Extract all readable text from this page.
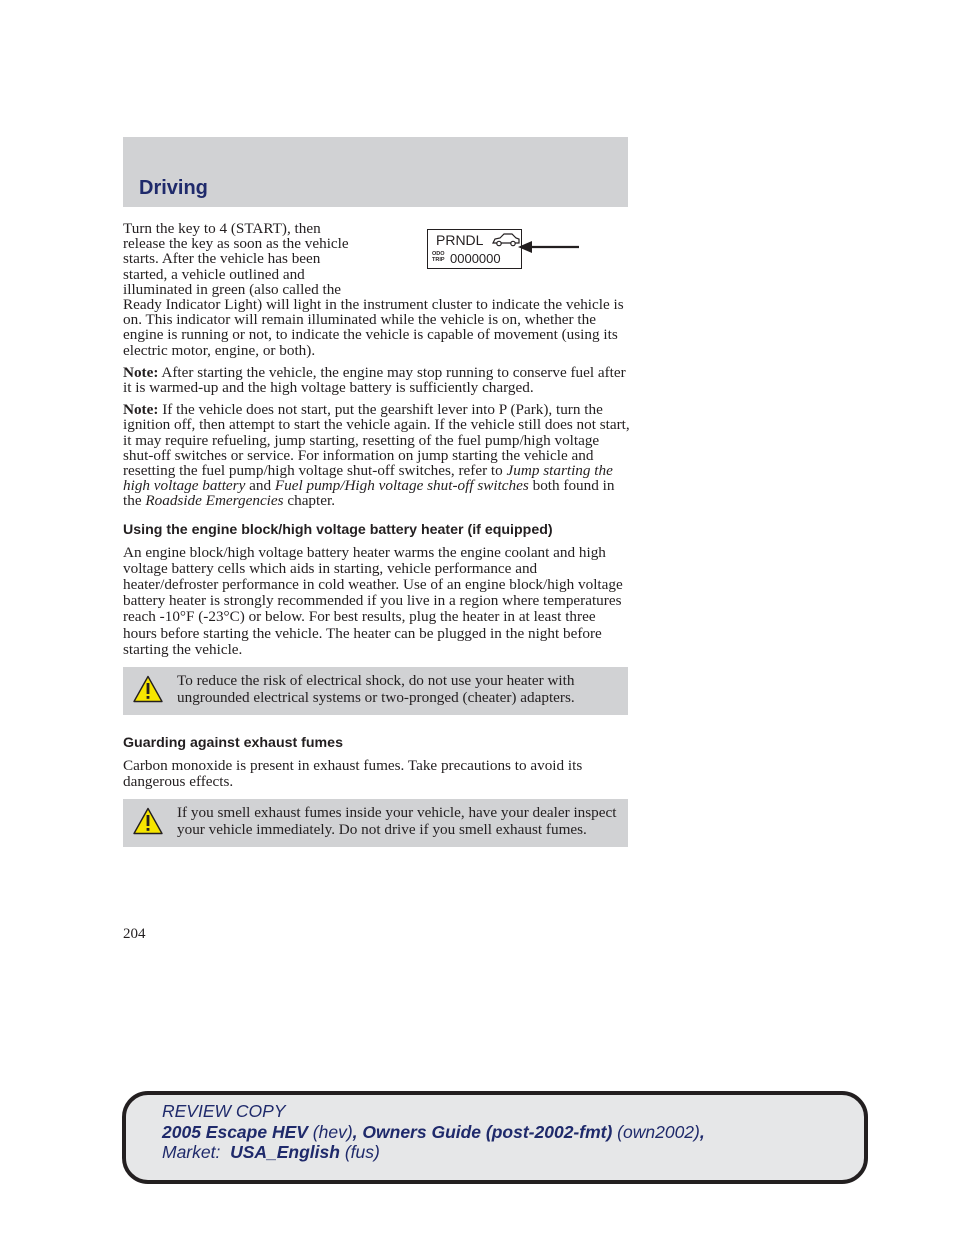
Driving
PRNDL
ODO
TRIP 0000000

Turn the key to 4 (START), then release the key as soon as the vehicle starts. After the vehicle has been started, a vehicle outlined and illuminated in green (also called the Ready Indicator Light) will light in the instrument cluster to indicate the vehicle is on. This indicator will remain illuminated while the vehicle is on, whether the engine is running or not, to indicate the vehicle is capable of movement (using its electric motor, engine, or both).

Note: After starting the vehicle, the engine may stop running to conserve fuel after it is warmed-up and the high voltage battery is sufficiently charged.

Note: If the vehicle does not start, put the gearshift lever into P (Park), turn the ignition off, then attempt to start the vehicle again. If the vehicle still does not start, it may require refueling, jump starting, resetting of the fuel pump/high voltage shut-off switches or service. For information on jump starting the vehicle and resetting the fuel pump/high voltage shut-off switches, refer to Jump starting the high voltage battery and Fuel pump/High voltage shut-off switches both found in the Roadside Emergencies chapter.

Using the engine block/high voltage battery heater (if equipped)

An engine block/high voltage battery heater warms the engine coolant and high voltage battery cells which aids in starting, vehicle performance and heater/defroster performance in cold weather. Use of an engine block/high voltage battery heater is strongly recommended if you live in a region where temperatures reach -10°F (-23°C) or below. For best results, plug the heater in at least three hours before starting the vehicle. The heater can be plugged in the night before starting the vehicle.

To reduce the risk of electrical shock, do not use your heater with ungrounded electrical systems or two-pronged (cheater) adapters.
Guarding against exhaust fumes

Carbon monoxide is present in exhaust fumes. Take precautions to avoid its dangerous effects.

If you smell exhaust fumes inside your vehicle, have your dealer inspect your vehicle immediately. Do not drive if you smell exhaust fumes.
204
REVIEW COPY
2005 Escape HEV (hev), Owners Guide (post-2002-fmt) (own2002),
Market:  USA_English (fus)
